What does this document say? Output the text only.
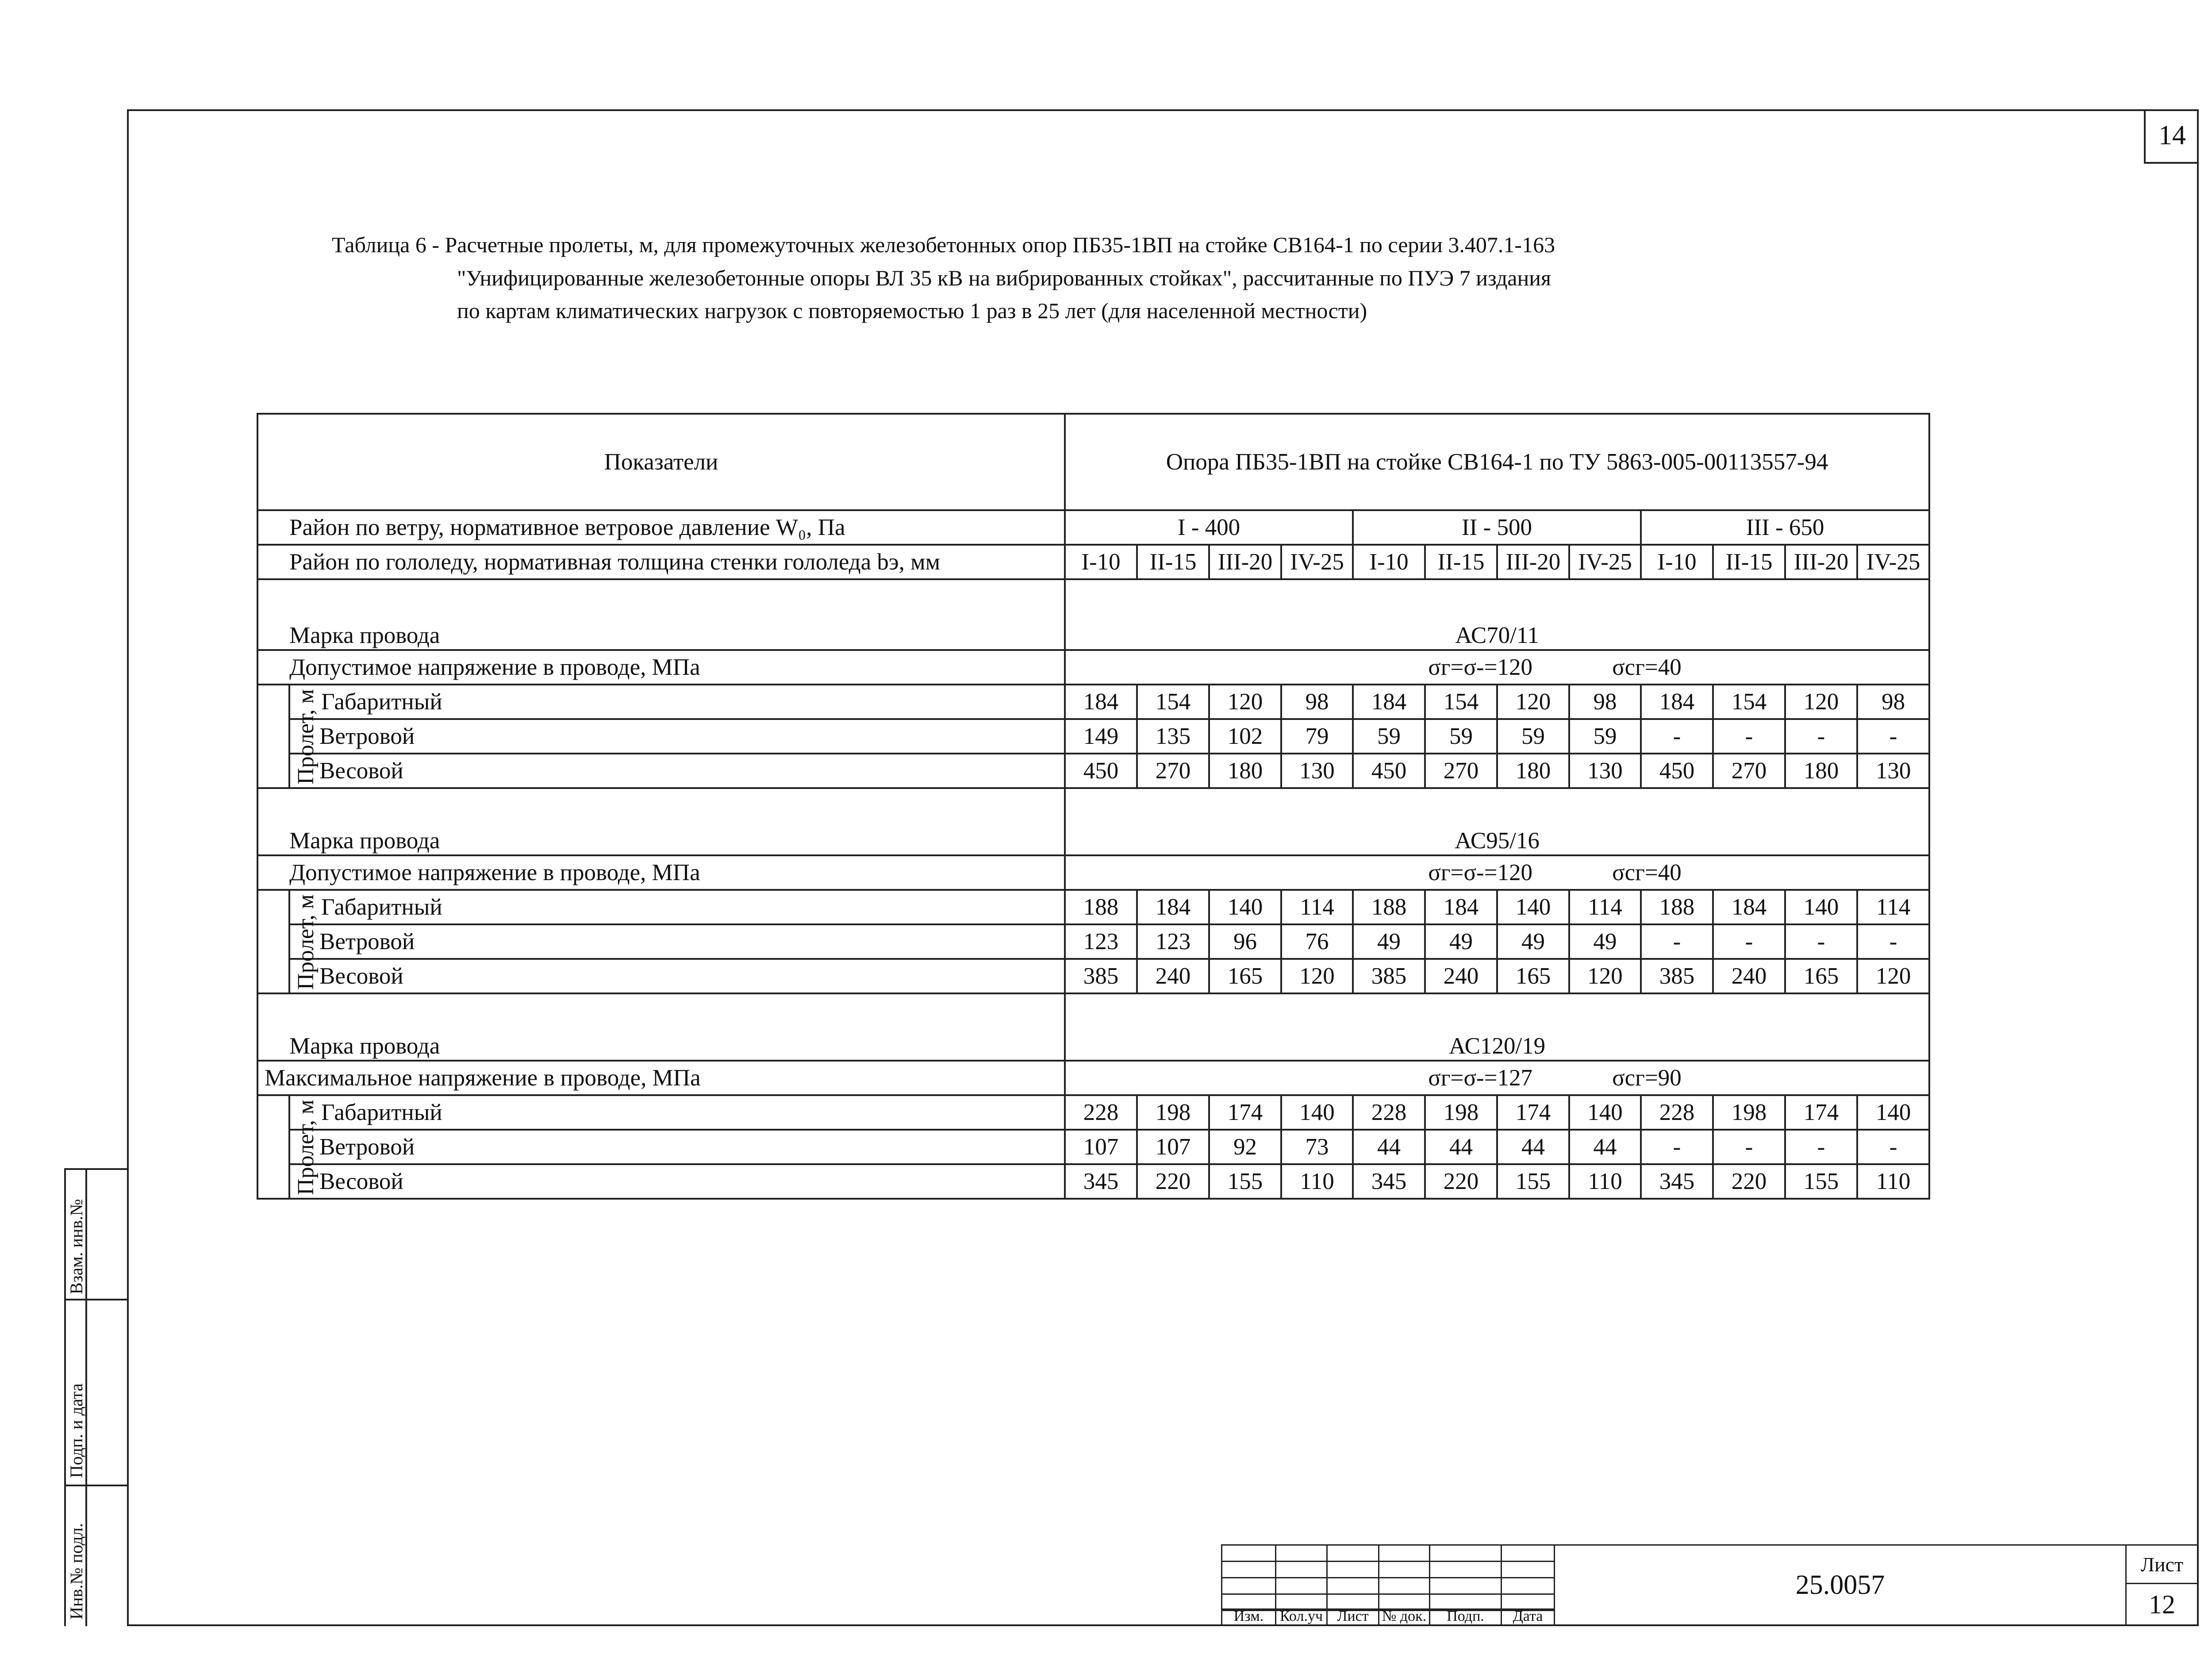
14
Таблица 6 - Расчетные пролеты, м, для промежуточных железобетонных опор ПБ35-1ВП на стойке СВ164-1 по серии 3.407.1-163
"Унифицированные железобетонные опоры ВЛ 35 кВ на вибрированных стойках", рассчитанные по ПУЭ 7 издания
по картам климатических нагрузок с повторяемостью 1 раз в 25 лет (для населенной местности)
Показатели		Опора ПБ35-1ВП на стойке СВ164-1 по ТУ 5863-005-00113557-94											
Район по ветру, нормативное ветровое давление W₀, Па		I - 400				II - 500				III - 650			
Район по гололеду, нормативная толщина стенки гололеда bэ, мм		I-10	II-15	III-20	IV-25	I-10	II-15	III-20	IV-25	I-10	II-15	III-20	IV-25
Марка провода		АС70/11											
Допустимое напряжение в проводе, МПа		σг=σ-=120 σсг=40											
Пролет, м	Габаритный	184	154	120	98	184	154	120	98	184	154	120	98
	Ветровой	149	135	102	79	59	59	59	59	-	-	-	-
	Весовой	450	270	180	130	450	270	180	130	450	270	180	130
Марка провода		АС95/16											
Допустимое напряжение в проводе, МПа		σг=σ-=120 σсг=40											
Пролет, м	Габаритный	188	184	140	114	188	184	140	114	188	184	140	114
	Ветровой	123	123	96	76	49	49	49	49	-	-	-	-
	Весовой	385	240	165	120	385	240	165	120	385	240	165	120
Марка провода		АС120/19											
Максимальное напряжение в проводе, МПа		σг=σ-=127 σсг=90											
Пролет, м	Габаритный	228	198	174	140	228	198	174	140	228	198	174	140
	Ветровой	107	107	92	73	44	44	44	44	-	-	-	-
	Весовой	345	220	155	110	345	220	155	110	345	220	155	110
Изм.	Кол.уч Лист № док.	Подп.	Дата
25.0057
Лист
12
Инв.№ подл.
Подп. и дата
Взам. инв.№
